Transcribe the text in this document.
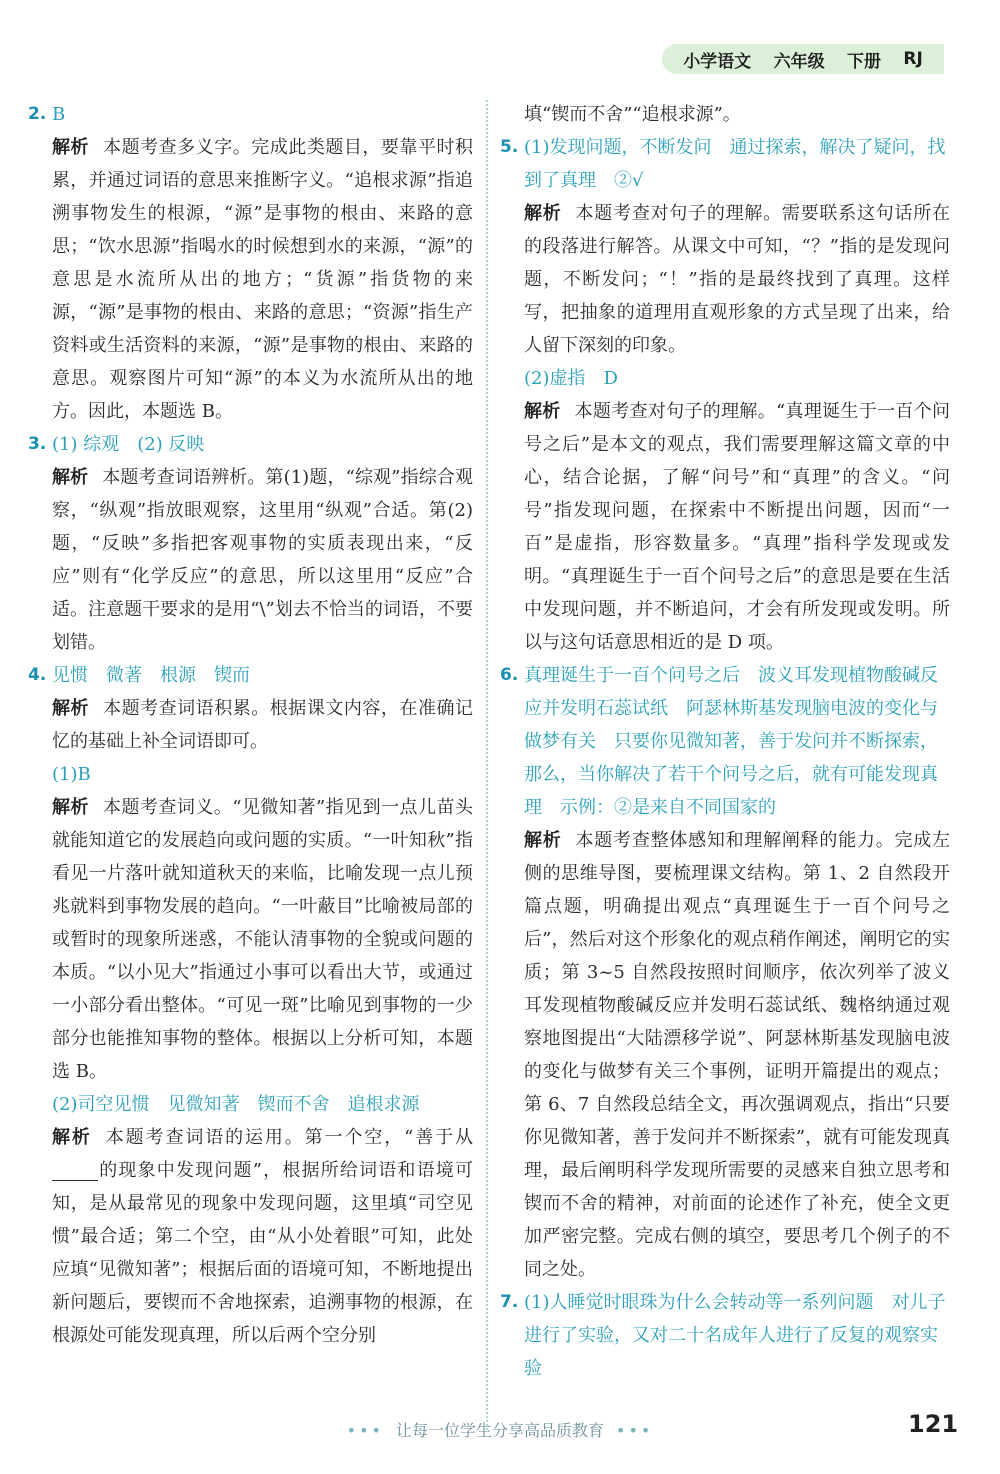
小学语文 六年级 下册 RJ
2. B
解析 本题考查多义字。完成此类题目，要靠平时积累，并通过词语的意思来推断字义。“追根求源”指追溯事物发生的根源，“源”是事物的根由、来路的意思；“饮水思源”指喝水的时候想到水的来源，“源”的意思是水流所从出的地方；“货源”指货物的来源，“源”是事物的根由、来路的意思；“资源”指生产资料或生活资料的来源，“源”是事物的根由、来路的意思。观察图片可知“源”的本义为水流所从出的地方。因此，本题选 B。
3. (1) 综观　(2) 反映
解析 本题考查词语辨析。第(1)题，“综观”指综合观察，“纵观”指放眼观察，这里用“纵观”合适。第(2)题，“反映”多指把客观事物的实质表现出来，“反应”则有“化学反应”的意思，所以这里用“反应”合适。注意题干要求的是用“\”划去不恰当的词语，不要划错。
4. 见惯　微著　根源　锲而
解析 本题考查词语积累。根据课文内容，在准确记忆的基础上补全词语即可。
(1)B
解析 本题考查词义。“见微知著”指见到一点儿苗头就能知道它的发展趋向或问题的实质。“一叶知秋”指看见一片落叶就知道秋天的来临，比喻发现一点儿预兆就料到事物发展的趋向。“一叶蔽目”比喻被局部的或暂时的现象所迷惑，不能认清事物的全貌或问题的本质。“以小见大”指通过小事可以看出大节，或通过一小部分看出整体。“可见一斑”比喻见到事物的一少部分也能推知事物的整体。根据以上分析可知，本题选 B。
(2)司空见惯　见微知著　锲而不舍　追根求源
解析 本题考查词语的运用。第一个空，“善于从的现象中发现问题”，根据所给词语和语境可知，是从最常见的现象中发现问题，这里填“司空见惯”最合适；第二个空，由“从小处着眼”可知，此处应填“见微知著”；根据后面的语境可知，不断地提出新问题后，要锲而不舍地探索，追溯事物的根源，在根源处可能发现真理，所以后两个空分别
填“锲而不舍”“追根求源”。
5. (1)发现问题，不断发问　通过探索，解决了疑问，找到了真理　②√
解析 本题考查对句子的理解。需要联系这句话所在的段落进行解答。从课文中可知，“？”指的是发现问题，不断发问；“！”指的是最终找到了真理。这样写，把抽象的道理用直观形象的方式呈现了出来，给人留下深刻的印象。
(2)虚指　D
解析 本题考查对句子的理解。“真理诞生于一百个问号之后”是本文的观点，我们需要理解这篇文章的中心，结合论据，了解“问号”和“真理”的含义。“问号”指发现问题，在探索中不断提出问题，因而“一百”是虚指，形容数量多。“真理”指科学发现或发明。“真理诞生于一百个问号之后”的意思是要在生活中发现问题，并不断追问，才会有所发现或发明。所以与这句话意思相近的是 D 项。
6. 真理诞生于一百个问号之后　波义耳发现植物酸碱反应并发明石蕊试纸　阿瑟林斯基发现脑电波的变化与做梦有关　只要你见微知著，善于发问并不断探索，那么，当你解决了若干个问号之后，就有可能发现真理　示例：②是来自不同国家的
解析 本题考查整体感知和理解阐释的能力。完成左侧的思维导图，要梳理课文结构。第 1、2 自然段开篇点题，明确提出观点“真理诞生于一百个问号之后”，然后对这个形象化的观点稍作阐述，阐明它的实质；第 3~5 自然段按照时间顺序，依次列举了波义耳发现植物酸碱反应并发明石蕊试纸、魏格纳通过观察地图提出“大陆漂移学说”、阿瑟林斯基发现脑电波的变化与做梦有关三个事例，证明开篇提出的观点；第 6、7 自然段总结全文，再次强调观点，指出“只要你见微知著，善于发问并不断探索”，就有可能发现真理，最后阐明科学发现所需要的灵感来自独立思考和锲而不舍的精神，对前面的论述作了补充，使全文更加严密完整。完成右侧的填空，要思考几个例子的不同之处。
7. (1)人睡觉时眼珠为什么会转动等一系列问题　对儿子进行了实验，又对二十名成年人进行了反复的观察实验
••• 让每一位学生分享高品质教育 •••	121
